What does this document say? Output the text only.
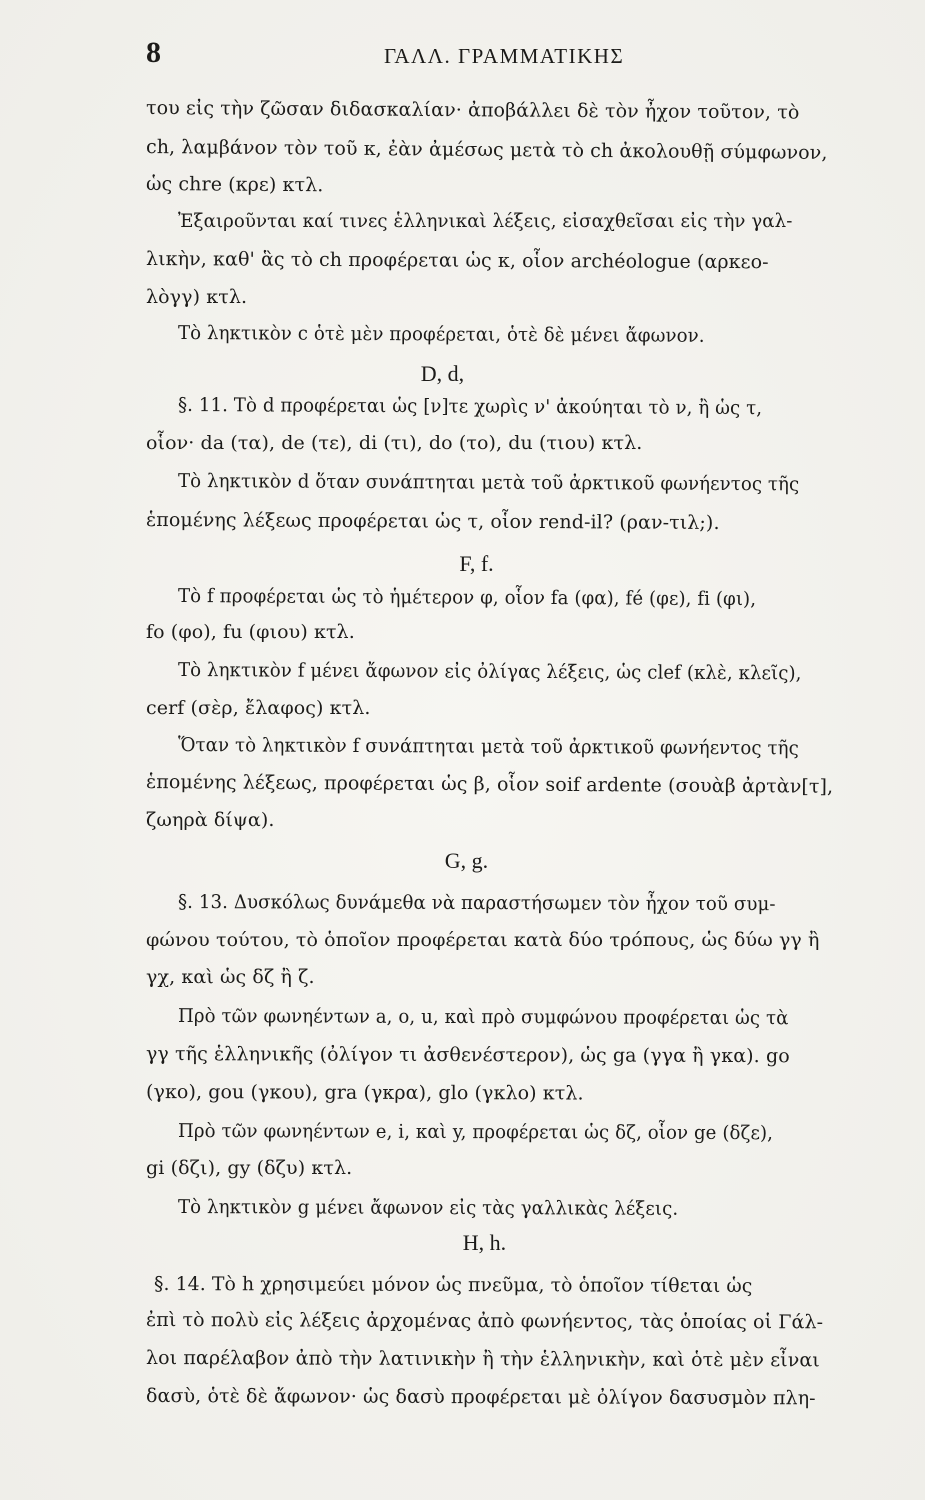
8	ΓΑΛΛ. ΓΡΑΜΜΑΤΙΚΗΣ
του εἰς τὴν ζῶσαν διδασκαλίαν· ἀποβάλλει δὲ τὸν ἦχον τοῦτον, τὸ
ch, λαμβάνον τὸν τοῦ κ, ἐὰν ἀμέσως μετὰ τὸ ch ἀκολουθῇ σύμφωνον,
ὡς chre (κρε) κτλ.
Ἐξαιροῦνται καί τινες ἑλληνικαὶ λέξεις, εἰσαχθεῖσαι εἰς τὴν γαλ-
λικὴν, καθ' ἃς τὸ ch προφέρεται ὡς κ, οἷον archéologue (αρκεο-
λὸγγ) κτλ.
Τὸ ληκτικὸν c ὁτὲ μὲν προφέρεται, ὁτὲ δὲ μένει ἄφωνον.
D, d,
§. 11. Τὸ d προφέρεται ὡς [ν]τε χωρὶς ν' ἀκούηται τὸ ν, ἢ ὡς τ,
οἷον· da (τα), de (τε), di (τι), do (το), du (τιου) κτλ.
Τὸ ληκτικὸν d ὅταν συνάπτηται μετὰ τοῦ ἀρκτικοῦ φωνήεντος τῆς
ἑπομένης λέξεως προφέρεται ὡς τ, οἷον rend-il? (ραν-τιλ;).
F, f.
Τὸ f προφέρεται ὡς τὸ ἡμέτερον φ, οἷον fa (φα), fé (φε), fi (φι),
fo (φο), fu (φιου) κτλ.
Τὸ ληκτικὸν f μένει ἄφωνον εἰς ὀλίγας λέξεις, ὡς clef (κλὲ, κλεῖς),
cerf (σὲρ, ἔλαφος) κτλ.
Ὅταν τὸ ληκτικὸν f συνάπτηται μετὰ τοῦ ἀρκτικοῦ φωνήεντος τῆς
ἑπομένης λέξεως, προφέρεται ὡς β, οἷον soif ardente (σουὰβ ἀρτὰν[τ],
ζωηρὰ δίψα).
G, g.
§. 13. Δυσκόλως δυνάμεθα νὰ παραστήσωμεν τὸν ἦχον τοῦ συμ-
φώνου τούτου, τὸ ὁποῖον προφέρεται κατὰ δύο τρόπους, ὡς δύω γγ ἢ
γχ, καὶ ὡς δζ ἢ ζ.
Πρὸ τῶν φωνηέντων a, o, u, καὶ πρὸ συμφώνου προφέρεται ὡς τὰ
γγ τῆς ἑλληνικῆς (ὀλίγον τι ἀσθενέστερον), ὡς ga (γγα ἢ γκα). go
(γκο), gou (γκου), gra (γκρα), glo (γκλο) κτλ.
Πρὸ τῶν φωνηέντων e, i, καὶ y, προφέρεται ὡς δζ, οἷον ge (δζε),
gi (δζι), gy (δζυ) κτλ.
Τὸ ληκτικὸν g μένει ἄφωνον εἰς τὰς γαλλικὰς λέξεις.
H, h.
§. 14. Τὸ h χρησιμεύει μόνον ὡς πνεῦμα, τὸ ὁποῖον τίθεται ὡς
ἐπὶ τὸ πολὺ εἰς λέξεις ἀρχομένας ἀπὸ φωνήεντος, τὰς ὁποίας οἱ Γάλ-
λοι παρέλαβον ἀπὸ τὴν λατινικὴν ἢ τὴν ἑλληνικὴν, καὶ ὁτὲ μὲν εἶναι
δασὺ, ὁτὲ δὲ ἄφωνον· ὡς δασὺ προφέρεται μὲ ὀλίγον δασυσμὸν πλη-
